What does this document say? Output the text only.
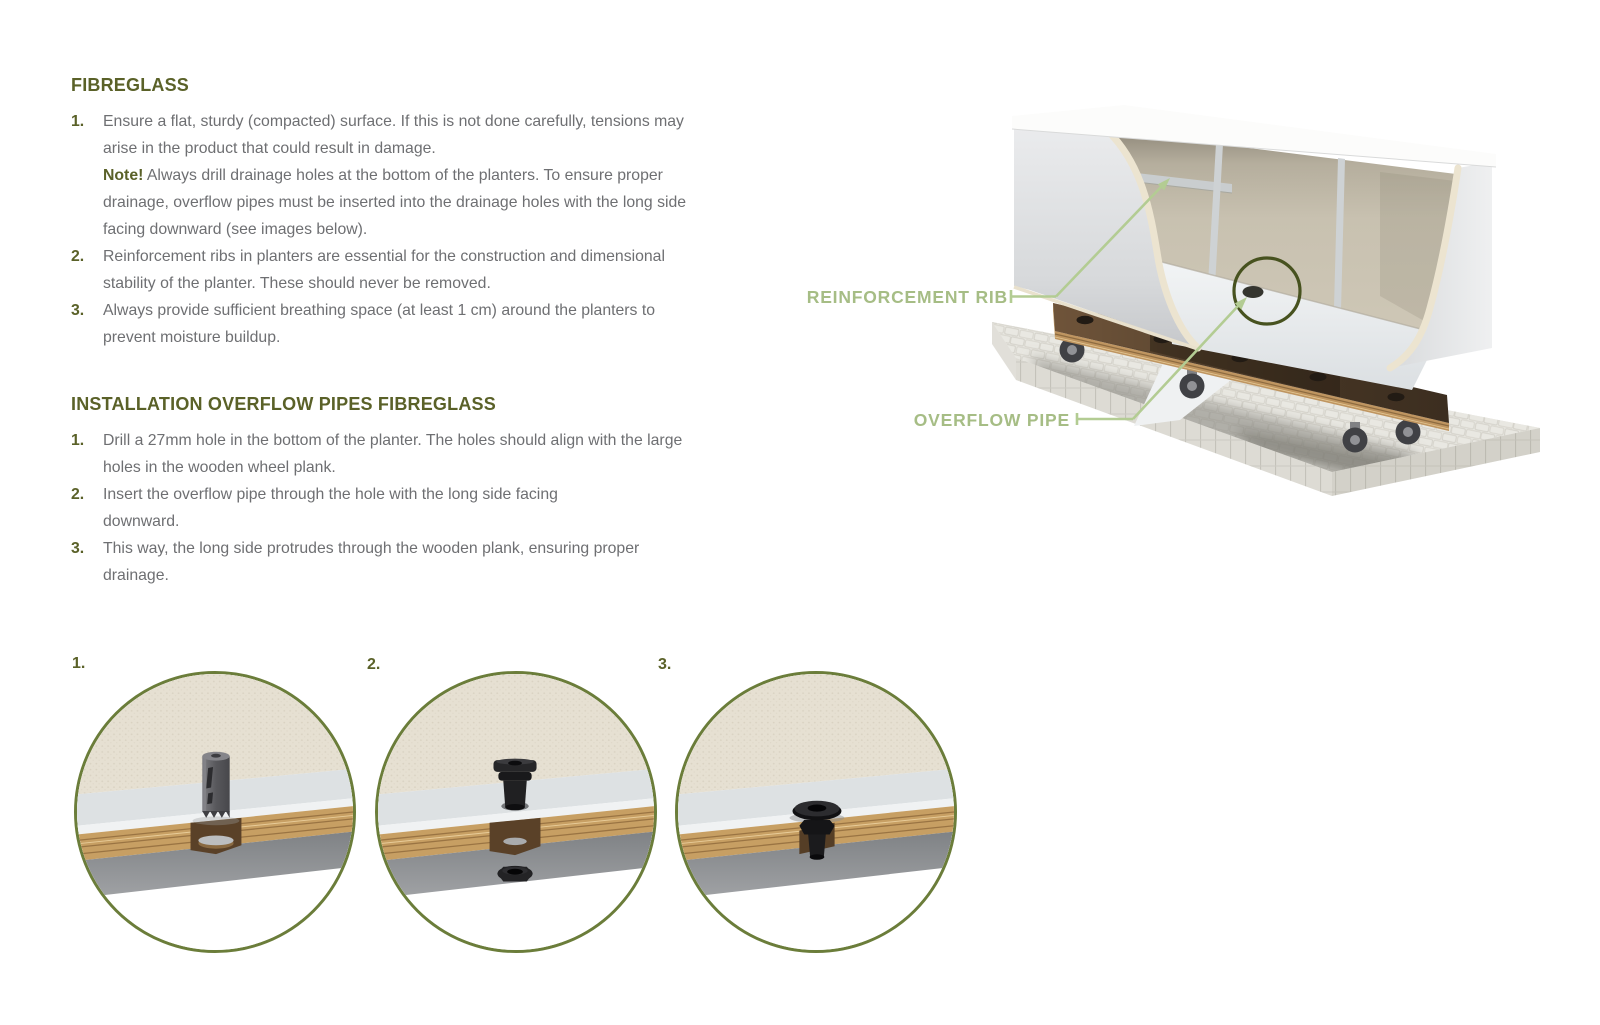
FIBREGLASS
1.	Ensure a flat, sturdy (compacted) surface. If this is not done carefully, tensions may arise in the product that could result in damage.
Note! Always drill drainage holes at the bottom of the planters. To ensure proper drainage, overflow pipes must be inserted into the drainage holes with the long side facing downward (see images below).
2.	Reinforcement ribs in planters are essential for the construction and dimensional stability of the planter. These should never be removed.
3.	Always provide sufficient breathing space (at least 1 cm) around the planters to prevent moisture buildup.
INSTALLATION OVERFLOW PIPES FIBREGLASS
1.	Drill a 27mm hole in the bottom of the planter. The holes should align with the large holes in the wooden wheel plank.
2.	Insert the overflow pipe through the hole with the long side facing
downward.
3.	This way, the long side protrudes through the wooden plank, ensuring proper drainage.
REINFORCEMENT RIB
OVERFLOW PIPE
1.	2.	3.
